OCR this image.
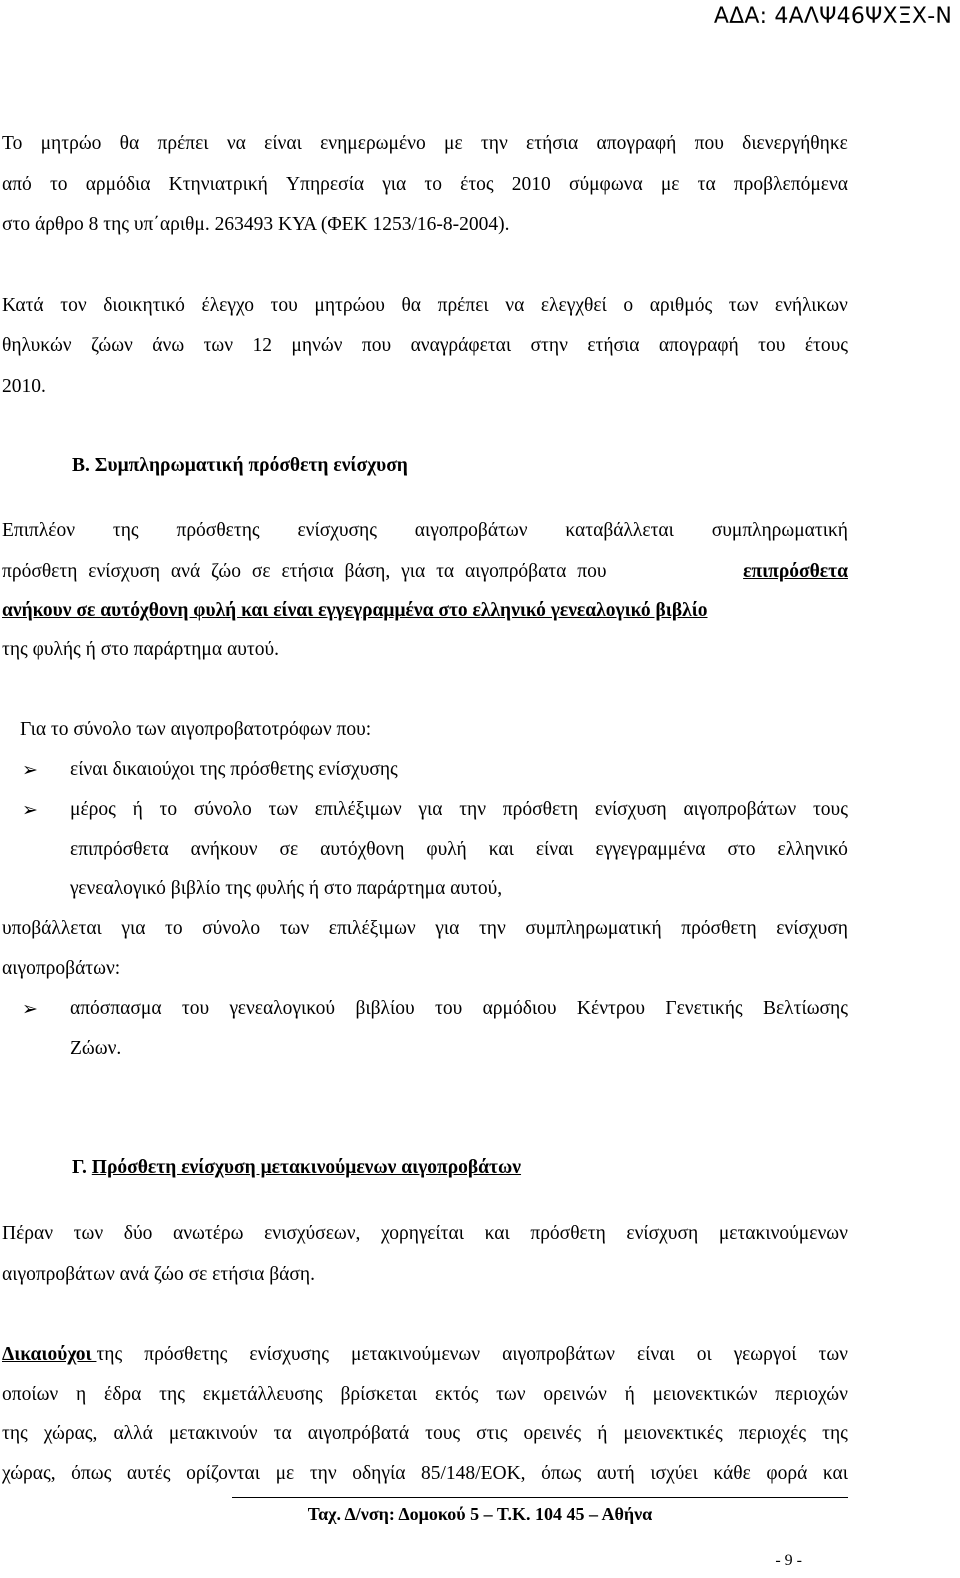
ΑΔΑ: 4ΑΛΨ46ΨΧΞΧ-Ν
Το μητρώο θα πρέπει να είναι ενημερωμένο με την ετήσια απογραφή που διενεργήθηκε
από το αρμόδια Κτηνιατρική Υπηρεσία για το έτος 2010 σύμφωνα με τα προβλεπόμενα
στο άρθρο 8 της υπ΄αριθμ. 263493 ΚΥΑ (ΦΕΚ 1253/16-8-2004).
Κατά τον διοικητικό έλεγχο του μητρώου θα πρέπει να ελεγχθεί ο αριθμός των ενήλικων
θηλυκών ζώων άνω των 12 μηνών που αναγράφεται στην ετήσια απογραφή του έτους
2010.
Β. Συμπληρωματική πρόσθετη ενίσχυση
Επιπλέον της πρόσθετης ενίσχυσης αιγοπροβάτων καταβάλλεται συμπληρωματική
πρόσθετη ενίσχυση ανά ζώο σε ετήσια βάση, για τα αιγοπρόβατα που	επιπρόσθετα
ανήκουν σε αυτόχθονη φυλή και είναι εγγεγραμμένα στο ελληνικό γενεαλογικό βιβλίο
της φυλής ή στο παράρτημα αυτού.
Για το σύνολο των αιγοπροβατοτρόφων που:
➢ είναι δικαιούχοι της πρόσθετης ενίσχυσης
➢ μέρος ή το σύνολο των επιλέξιμων για την πρόσθετη ενίσχυση αιγοπροβάτων τους
επιπρόσθετα ανήκουν σε αυτόχθονη φυλή και είναι εγγεγραμμένα στο ελληνικό
γενεαλογικό βιβλίο της φυλής ή στο παράρτημα αυτού,
υποβάλλεται για το σύνολο των επιλέξιμων για την συμπληρωματική πρόσθετη ενίσχυση
αιγοπροβάτων:
➢ απόσπασμα του γενεαλογικού βιβλίου του αρμόδιου Κέντρου Γενετικής Βελτίωσης
Ζώων.
Γ. Πρόσθετη ενίσχυση μετακινούμενων αιγοπροβάτων
Πέραν των δύο ανωτέρω ενισχύσεων, χορηγείται και πρόσθετη ενίσχυση μετακινούμενων
αιγοπροβάτων ανά ζώο σε ετήσια βάση.
Δικαιούχοι της πρόσθετης ενίσχυσης μετακινούμενων αιγοπροβάτων είναι οι γεωργοί των
οποίων η έδρα της εκμετάλλευσης βρίσκεται εκτός των ορεινών ή μειονεκτικών περιοχών
της χώρας, αλλά μετακινούν τα αιγοπρόβατά τους στις ορεινές ή μειονεκτικές περιοχές της
χώρας, όπως αυτές ορίζονται με την οδηγία 85/148/ΕΟΚ, όπως αυτή ισχύει κάθε φορά και
Ταχ. Δ/νση: Δομοκού 5 – Τ.Κ. 104 45 – Αθήνα
- 9 -
